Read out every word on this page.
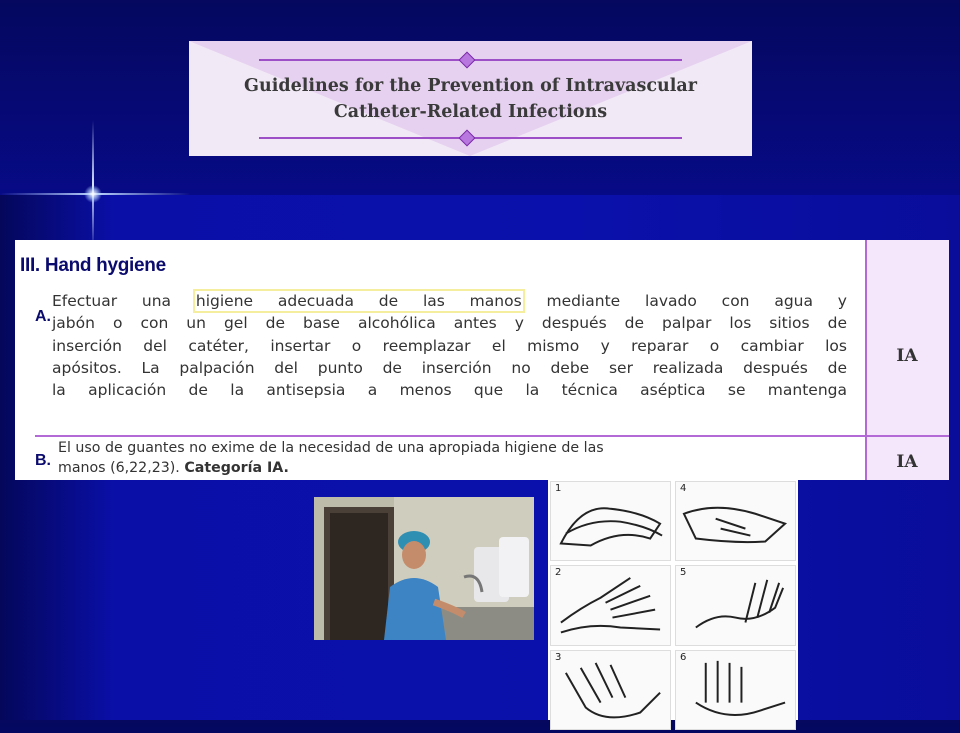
Guidelines for the Prevention of Intravascular
Catheter-Related Infections
III. Hand hygiene
A.

Efectuar una higiene adecuada de las manos mediante lavado con agua y

jabón o con un gel de base alcohólica antes y después de palpar los sitios de

inserción del catéter, insertar o reemplazar el mismo y reparar o cambiar los

apósitos. La palpación del punto de inserción no debe ser realizada después de

la aplicación de la antisepsia a menos que la técnica aséptica se mantenga

IA
B.
El uso de guantes no exime de la necesidad de una apropiada higiene de las
manos (6,22,23). Categoría IA.	IA
1	4
2	5
3	6
